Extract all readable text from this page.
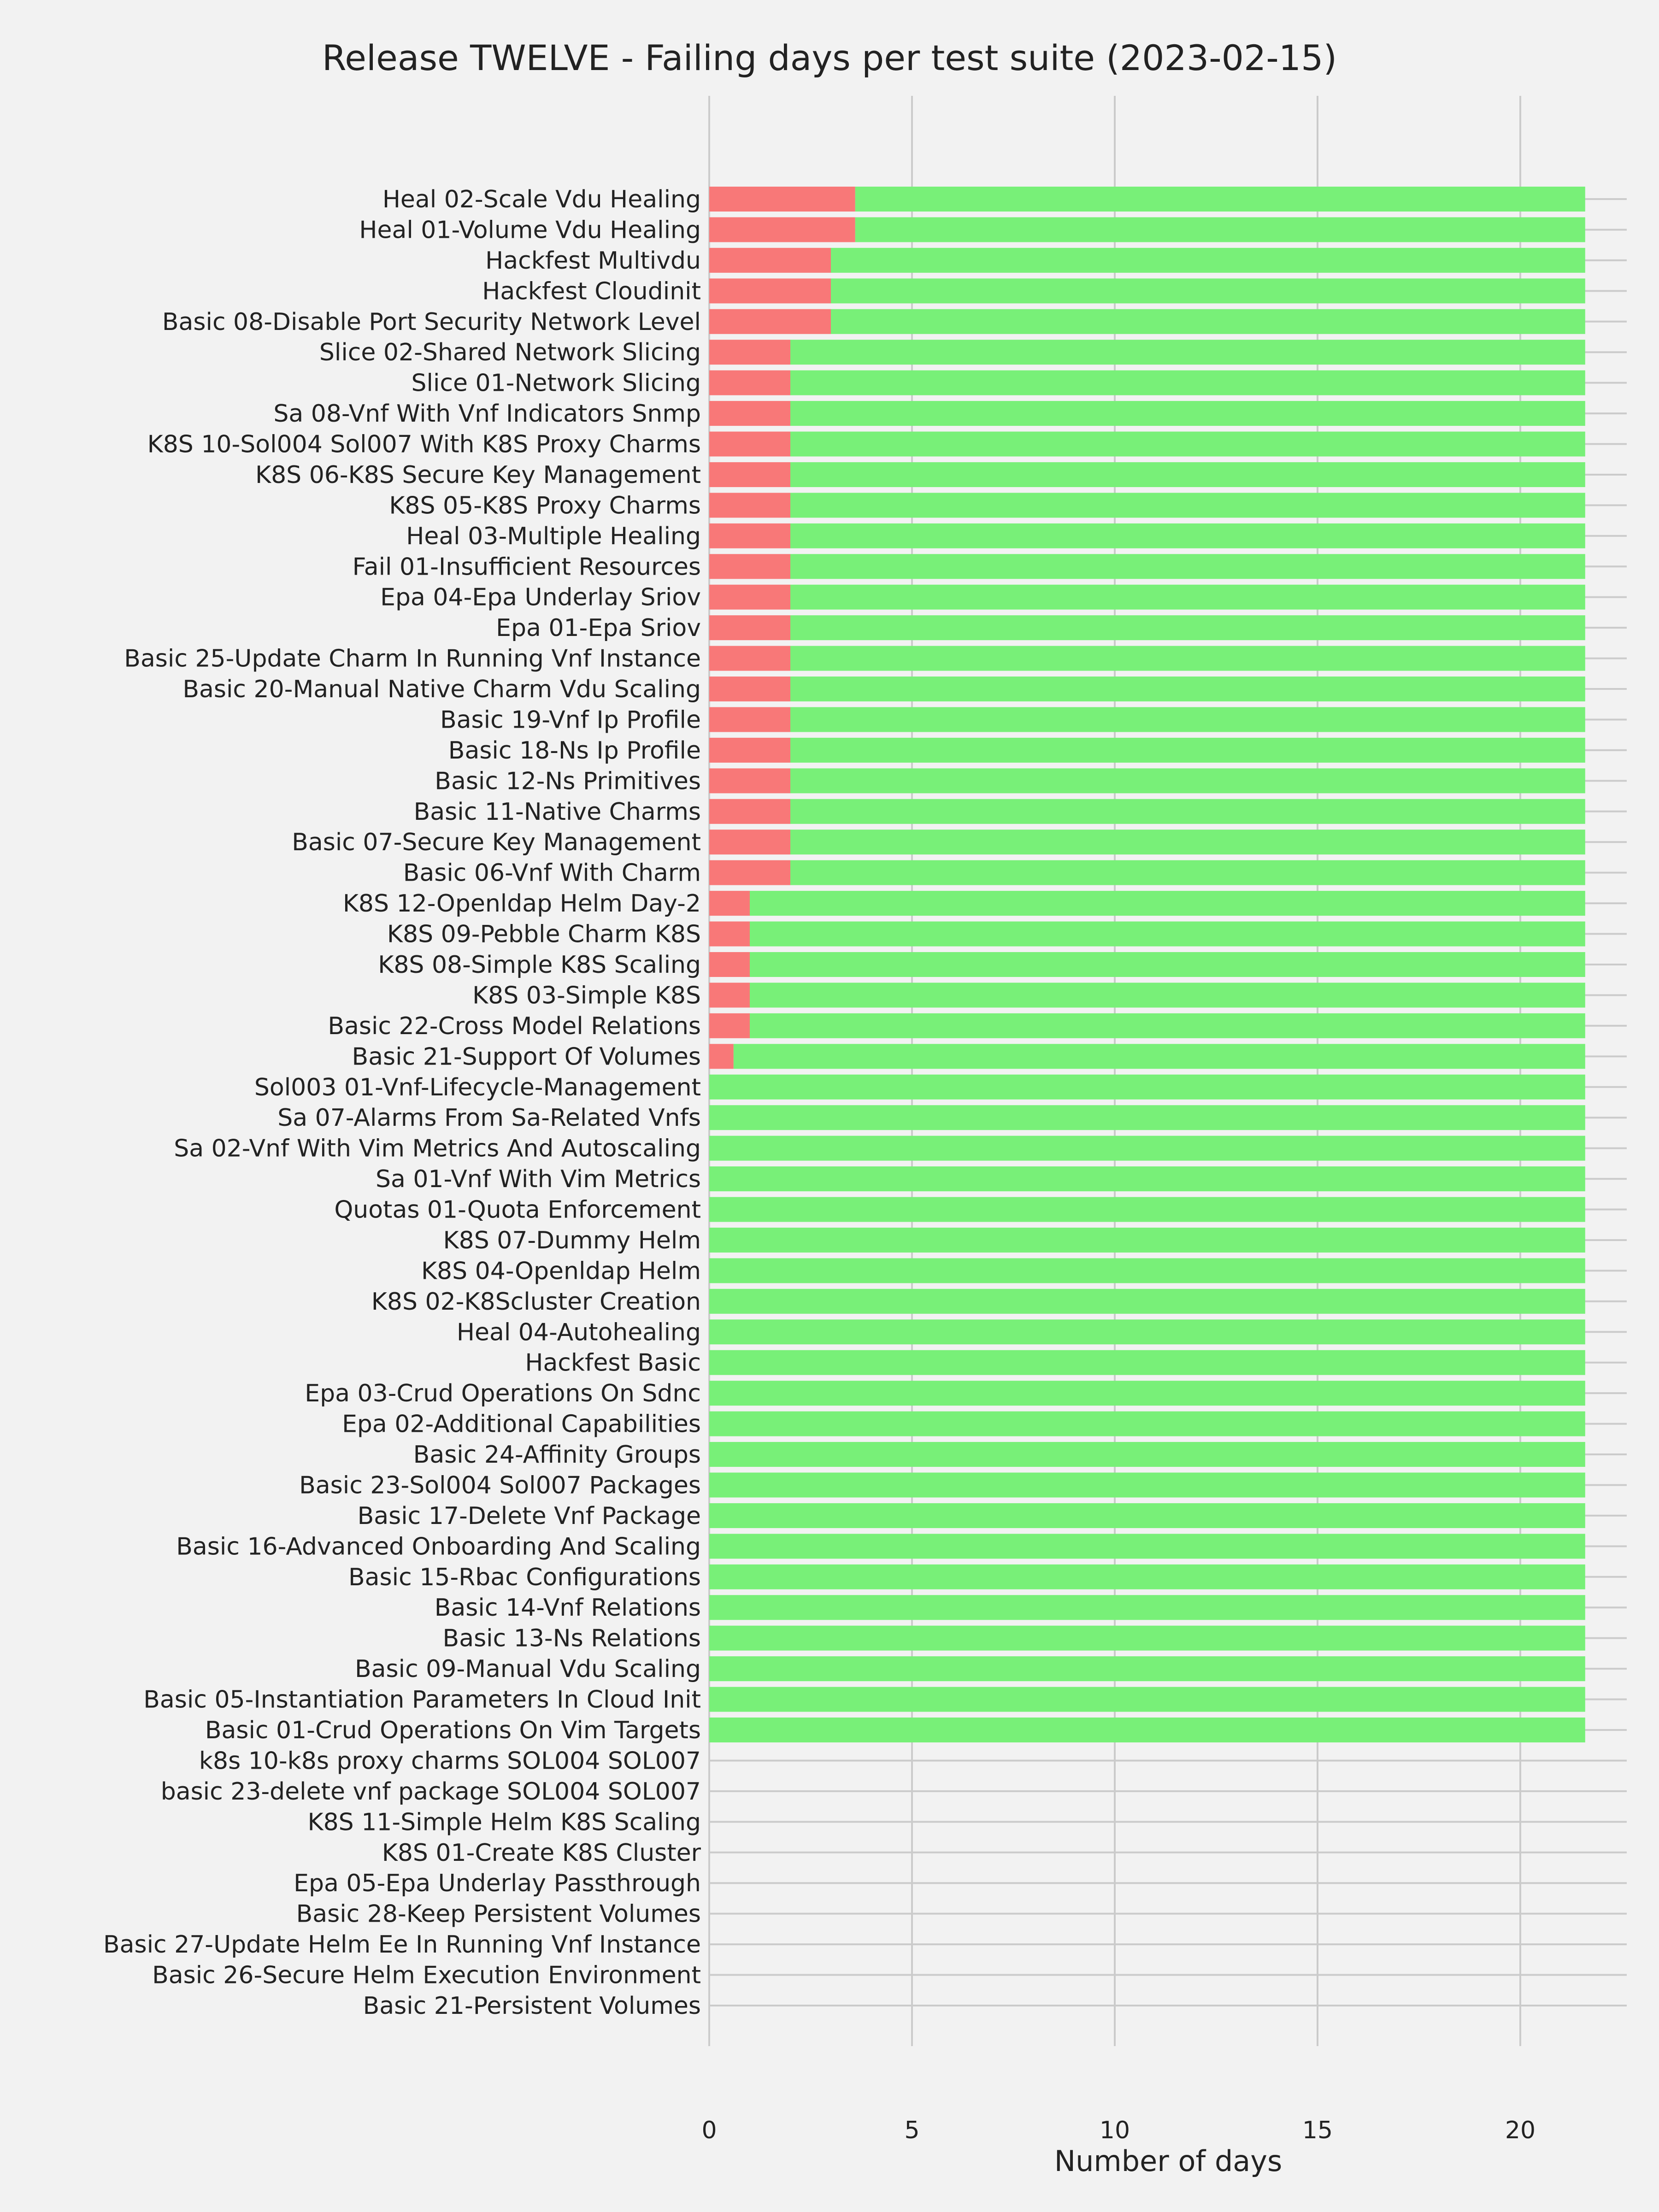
Release TWELVE - Failing days per test suite (2023-02-15)
Heal 02-Scale Vdu Healing
Heal 01-Volume Vdu Healing
Hackfest Multivdu
Hackfest Cloudinit
Basic 08-Disable Port Security Network Level
Slice 02-Shared Network Slicing
Slice 01-Network Slicing
Sa 08-Vnf With Vnf Indicators Snmp
K8S 10-Sol004 Sol007 With K8S Proxy Charms
K8S 06-K8S Secure Key Management
K8S 05-K8S Proxy Charms
Heal 03-Multiple Healing
Fail 01-Insufficient Resources
Epa 04-Epa Underlay Sriov
Epa 01-Epa Sriov
Basic 25-Update Charm In Running Vnf Instance
Basic 20-Manual Native Charm Vdu Scaling
Basic 19-Vnf Ip Profile
Basic 18-Ns Ip Profile
Basic 12-Ns Primitives
Basic 11-Native Charms
Basic 07-Secure Key Management
Basic 06-Vnf With Charm
K8S 12-Openldap Helm Day-2
K8S 09-Pebble Charm K8S
K8S 08-Simple K8S Scaling
K8S 03-Simple K8S
Basic 22-Cross Model Relations
Basic 21-Support Of Volumes
Sol003 01-Vnf-Lifecycle-Management
Sa 07-Alarms From Sa-Related Vnfs
Sa 02-Vnf With Vim Metrics And Autoscaling
Sa 01-Vnf With Vim Metrics
Quotas 01-Quota Enforcement
K8S 07-Dummy Helm
K8S 04-Openldap Helm
K8S 02-K8Scluster Creation
Heal 04-Autohealing
Hackfest Basic
Epa 03-Crud Operations On Sdnc
Epa 02-Additional Capabilities
Basic 24-Affinity Groups
Basic 23-Sol004 Sol007 Packages
Basic 17-Delete Vnf Package
Basic 16-Advanced Onboarding And Scaling
Basic 15-Rbac Configurations
Basic 14-Vnf Relations
Basic 13-Ns Relations
Basic 09-Manual Vdu Scaling
Basic 05-Instantiation Parameters In Cloud Init
Basic 01-Crud Operations On Vim Targets
k8s 10-k8s proxy charms SOL004 SOL007
basic 23-delete vnf package SOL004 SOL007
K8S 11-Simple Helm K8S Scaling
K8S 01-Create K8S Cluster
Epa 05-Epa Underlay Passthrough
Basic 28-Keep Persistent Volumes
Basic 27-Update Helm Ee In Running Vnf Instance
Basic 26-Secure Helm Execution Environment
Basic 21-Persistent Volumes
0	5	10	15	20
Number of days
